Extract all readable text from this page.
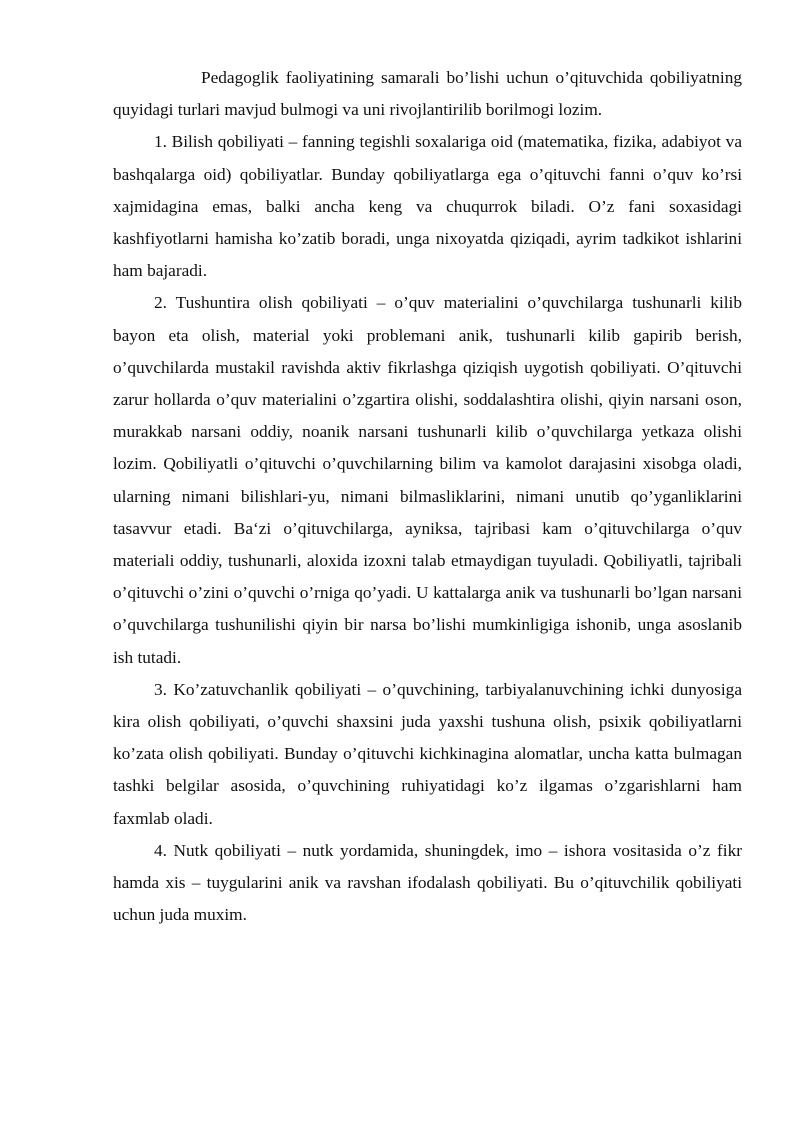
Pedagoglik faoliyatining samarali bo’lishi uchun o’qituvchida qobiliyatning quyidagi turlari mavjud bulmogi va uni rivojlantirilib borilmogi lozim.

1. Bilish qobiliyati – fanning tegishli soxalariga oid (matematika, fizika, adabiyot va bashqalarga oid) qobiliyatlar. Bunday qobiliyatlarga ega o’qituvchi fanni o’quv ko’rsi xajmidagina emas, balki ancha keng va chuqurrok biladi. O’z fani soxasidagi kashfiyotlarni hamisha ko’zatib boradi, unga nixoyatda qiziqadi, ayrim tadkikot ishlarini ham bajaradi.

2. Tushuntira olish qobiliyati – o’quv materialini o’quvchilarga tushunarli kilib bayon eta olish, material yoki problemani anik, tushunarli kilib gapirib berish, o’quvchilarda mustakil ravishda aktiv fikrlashga qiziqish uygotish qobiliyati. O’qituvchi zarur hollarda o’quv materialini o’zgartira olishi, soddalashtira olishi, qiyin narsani oson, murakkab narsani oddiy, noanik narsani tushunarli kilib o’quvchilarga yetkaza olishi lozim. Qobiliyatli o’qituvchi o’quvchilarning bilim va kamolot darajasini xisobga oladi, ularning nimani bilishlari-yu, nimani bilmasliklarini, nimani unutib qo’yganliklarini tasavvur etadi. Ba‘zi o’qituvchilarga, ayniksa, tajribasi kam o’qituvchilarga o’quv materiali oddiy, tushunarli, aloxida izoxni talab etmaydigan tuyuladi. Qobiliyatli, tajribali o’qituvchi o’zini o’quvchi o’rniga qo’yadi. U kattalarga anik va tushunarli bo’lgan narsani o’quvchilarga tushunilishi qiyin bir narsa bo’lishi mumkinligiga ishonib, unga asoslanib ish tutadi.

3. Ko’zatuvchanlik qobiliyati – o’quvchining, tarbiyalanuvchining ichki dunyosiga kira olish qobiliyati, o’quvchi shaxsini juda yaxshi tushuna olish, psixik qobiliyatlarni ko’zata olish qobiliyati. Bunday o’qituvchi kichkinagina alomatlar, uncha katta bulmagan tashki belgilar asosida, o’quvchining ruhiyatidagi ko’z ilgamas o’zgarishlarni ham faxmlab oladi.

4. Nutk qobiliyati – nutk yordamida, shuningdek, imo – ishora vositasida o’z fikr hamda xis – tuygularini anik va ravshan ifodalash qobiliyati. Bu o’qituvchilik qobiliyati uchun juda muxim.
